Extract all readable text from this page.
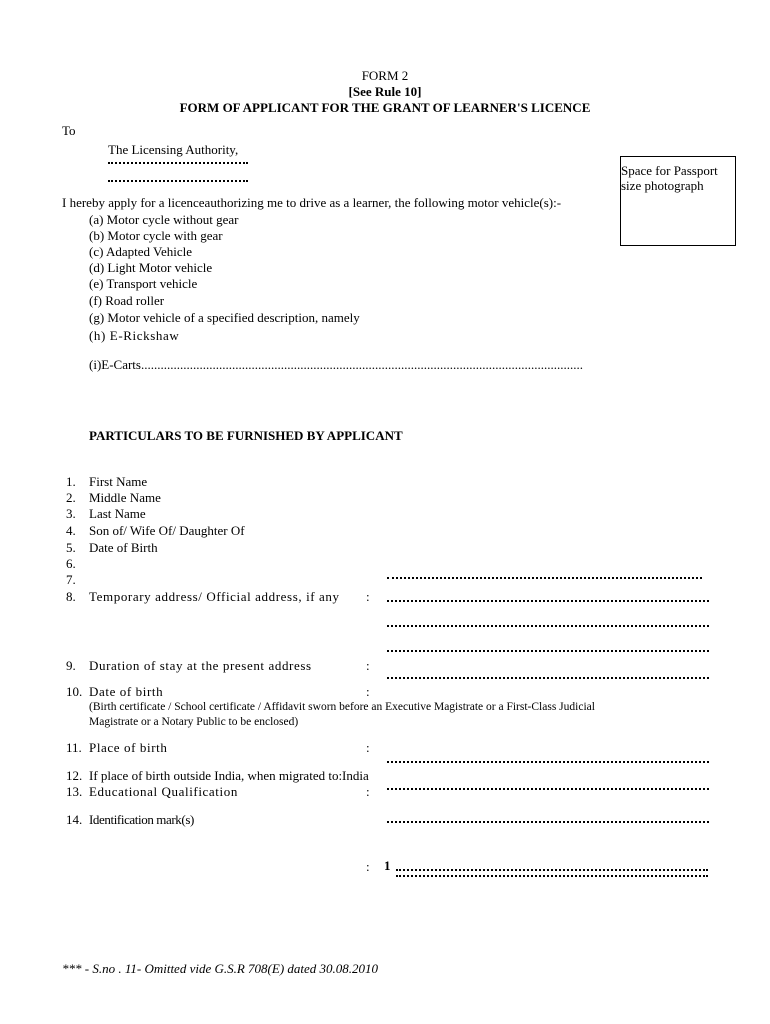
FORM 2
[See Rule 10]
FORM OF APPLICANT FOR THE GRANT OF LEARNER'S LICENCE
To
The Licensing Authority,
Space for Passport size photograph
I hereby apply for a licenceauthorizing me to drive as a learner, the following motor vehicle(s):-
(a) Motor cycle without gear
(b) Motor cycle with gear
(c) Adapted Vehicle
(d) Light Motor vehicle
(e) Transport vehicle
(f) Road roller
(g) Motor vehicle of a specified description, namely
(h) E-Rickshaw
(i)E-Carts........................................................................................................................................
PARTICULARS TO BE FURNISHED BY APPLICANT
1. First Name
2. Middle Name
3. Last Name
4. Son of/ Wife Of/ Daughter Of
5. Date of Birth
6.
7.
8. Temporary address/ Official address, if any :
9. Duration of stay at the present address	:
10. Date of birth	:
(Birth certificate / School certificate / Affidavit sworn before an Executive Magistrate or a First-Class Judicial
Magistrate or a Notary Public to be enclosed)
11. Place of birth	:
12. If place of birth outside India, when migrated to:India
13. Educational Qualification	:
14. Identification mark(s)
: 1
*** - S.no . 11- Omitted vide G.S.R 708(E) dated 30.08.2010
